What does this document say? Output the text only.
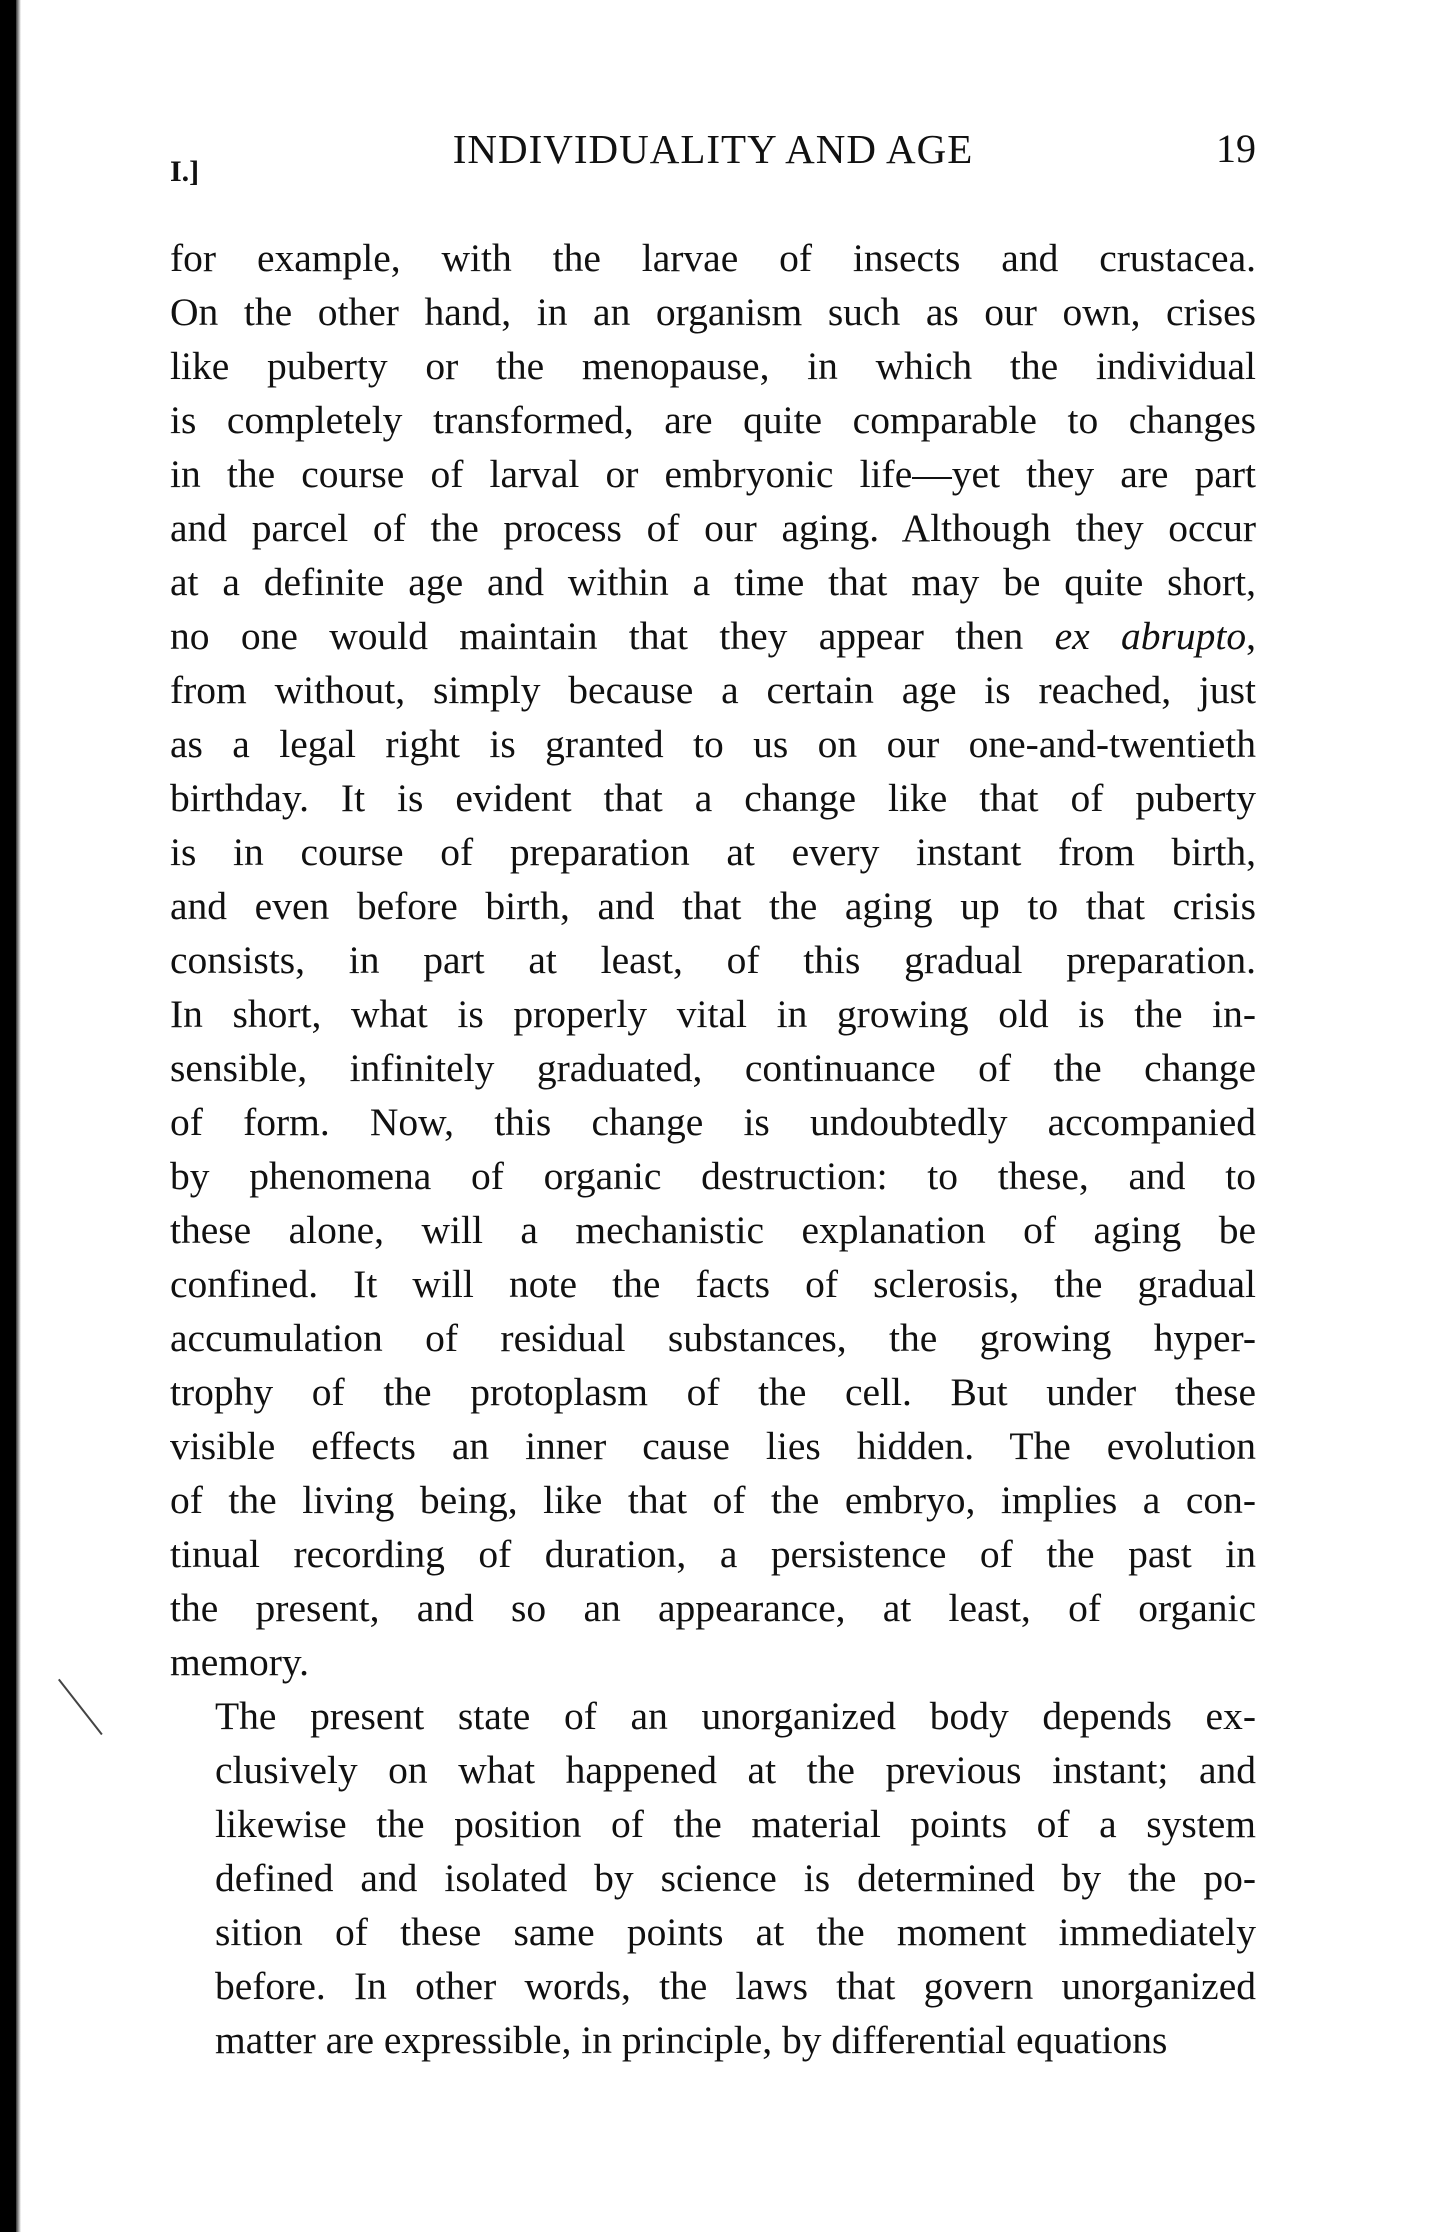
I.]	INDIVIDUALITY AND AGE	19

for example, with the larvae of insects and crustacea.
On the other hand, in an organism such as our own, crises
like puberty or the menopause, in which the individual
is completely transformed, are quite comparable to changes
in the course of larval or embryonic life—yet they are part
and parcel of the process of our aging. Although they occur
at a definite age and within a time that may be quite short,
no one would maintain that they appear then ex abrupto,
from without, simply because a certain age is reached, just
as a legal right is granted to us on our one-and-twentieth
birthday. It is evident that a change like that of puberty
is in course of preparation at every instant from birth,
and even before birth, and that the aging up to that crisis
consists, in part at least, of this gradual preparation.
In short, what is properly vital in growing old is the in-
sensible, infinitely graduated, continuance of the change
of form. Now, this change is undoubtedly accompanied
by phenomena of organic destruction: to these, and to
these alone, will a mechanistic explanation of aging be
confined. It will note the facts of sclerosis, the gradual
accumulation of residual substances, the growing hyper-
trophy of the protoplasm of the cell. But under these
visible effects an inner cause lies hidden. The evolution
of the living being, like that of the embryo, implies a con-
tinual recording of duration, a persistence of the past in
the present, and so an appearance, at least, of organic
memory.

The present state of an unorganized body depends ex-
clusively on what happened at the previous instant; and
likewise the position of the material points of a system
defined and isolated by science is determined by the po-
sition of these same points at the moment immediately
before. In other words, the laws that govern unorganized
matter are expressible, in principle, by differential equations
